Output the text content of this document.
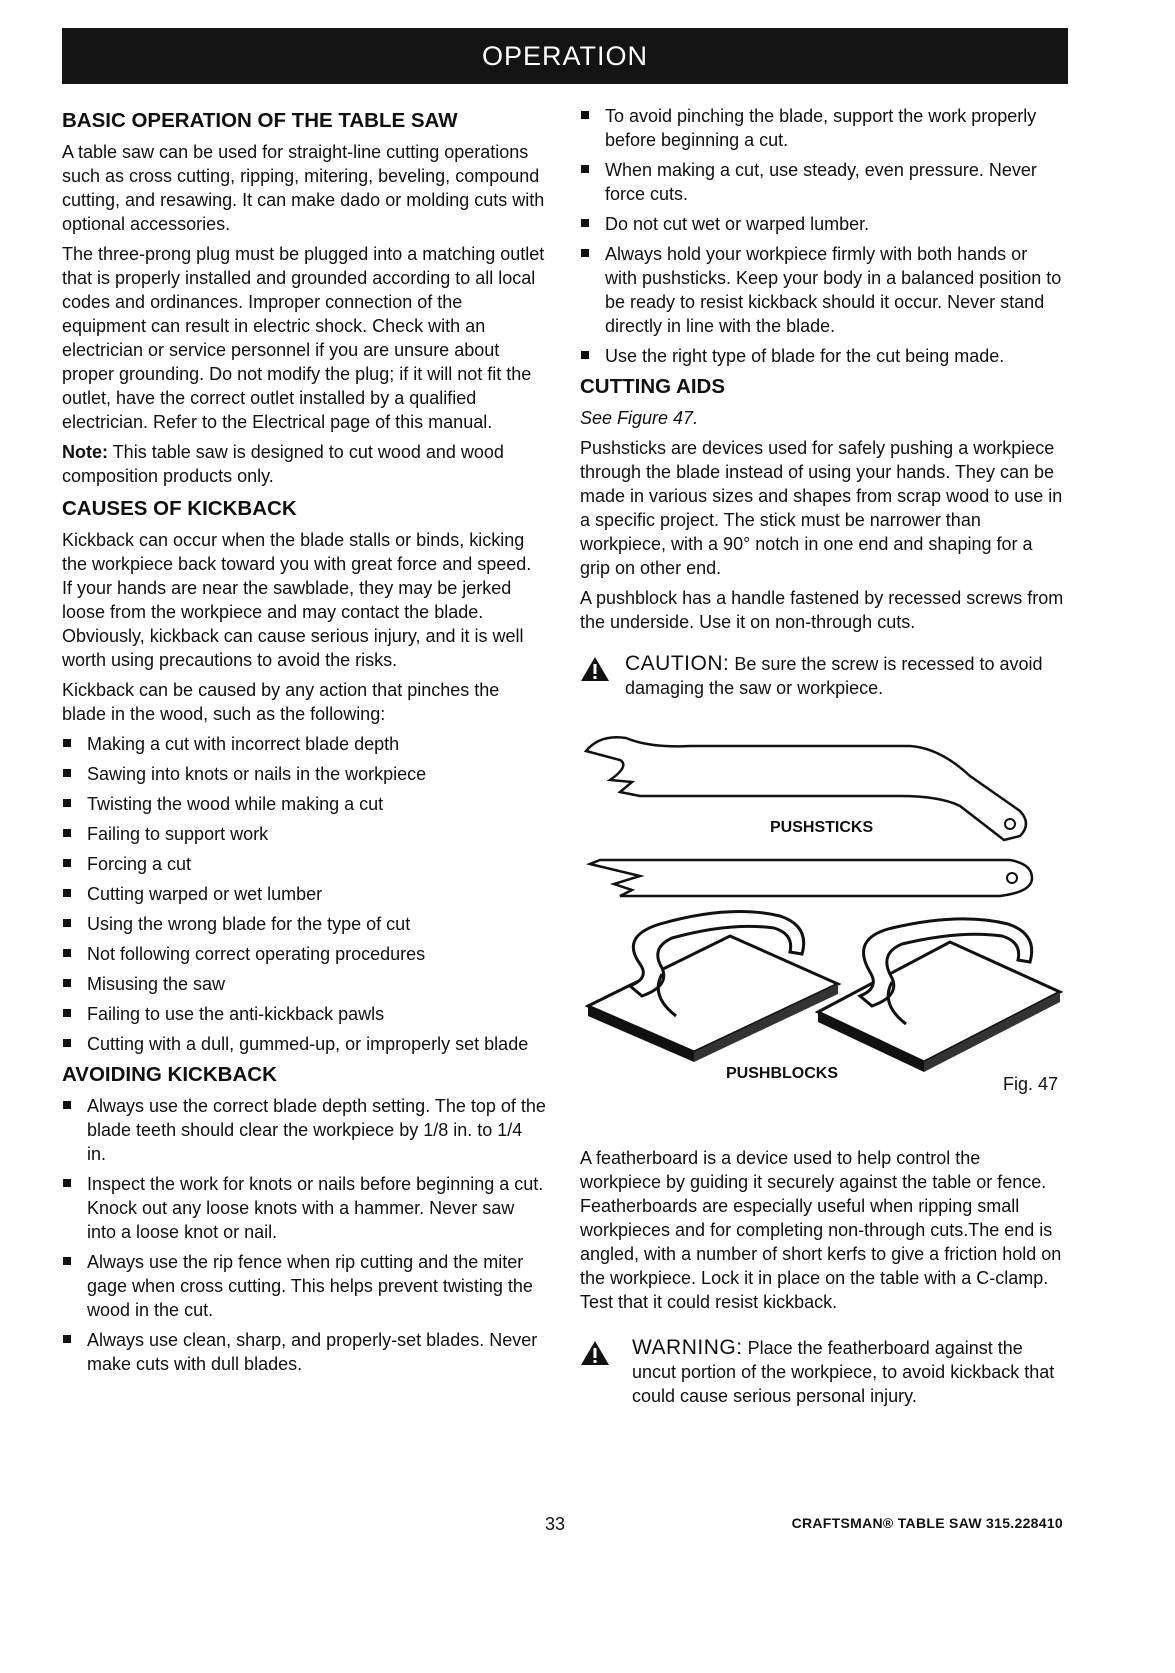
OPERATION
BASIC OPERATION OF THE TABLE SAW

A table saw can be used for straight-line cutting operations such as cross cutting, ripping, mitering, beveling, compound cutting, and resawing. It can make dado or molding cuts with optional accessories.

The three-prong plug must be plugged into a matching outlet that is properly installed and grounded according to all local codes and ordinances. Improper connection of the equipment can result in electric shock. Check with an electrician or service personnel if you are unsure about proper grounding. Do not modify the plug; if it will not fit the outlet, have the correct outlet installed by a qualified electrician. Refer to the Electrical page of this manual.

Note: This table saw is designed to cut wood and wood composition products only.
CAUSES OF KICKBACK

Kickback can occur when the blade stalls or binds, kicking the workpiece back toward you with great force and speed. If your hands are near the sawblade, they may be jerked loose from the workpiece and may contact the blade. Obviously, kickback can cause serious injury, and it is well worth using precautions to avoid the risks.

Kickback can be caused by any action that pinches the blade in the wood, such as the following:

Making a cut with incorrect blade depth
Sawing into knots or nails in the workpiece
Twisting the wood while making a cut
Failing to support work
Forcing a cut
Cutting warped or wet lumber
Using the wrong blade for the type of cut
Not following correct operating procedures
Misusing the saw
Failing to use the anti-kickback pawls
Cutting with a dull, gummed-up, or improperly set blade
AVOIDING KICKBACK
Always use the correct blade depth setting. The top of the blade teeth should clear the workpiece by 1/8 in. to 1/4 in.
Inspect the work for knots or nails before beginning a cut. Knock out any loose knots with a hammer. Never saw into a loose knot or nail.
Always use the rip fence when rip cutting and the miter gage when cross cutting. This helps prevent twisting the wood in the cut.
Always use clean, sharp, and properly-set blades. Never make cuts with dull blades.
To avoid pinching the blade, support the work properly before beginning a cut.
When making a cut, use steady, even pressure. Never force cuts.
Do not cut wet or warped lumber.
Always hold your workpiece firmly with both hands or with pushsticks. Keep your body in a balanced position to be ready to resist kickback should it occur. Never stand directly in line with the blade.
Use the right type of blade for the cut being made.
CUTTING AIDS

See Figure 47.

Pushsticks are devices used for safely pushing a workpiece through the blade instead of using your hands. They can be made in various sizes and shapes from scrap wood to use in a specific project. The stick must be narrower than workpiece, with a 90° notch in one end and shaping for a grip on other end.

A pushblock has a handle fastened by recessed screws from the underside. Use it on non-through cuts.

CAUTION: Be sure the screw is recessed to avoid damaging the saw or workpiece.
PUSHSTICKS
PUSHBLOCKS
Fig. 47

A featherboard is a device used to help control the workpiece by guiding it securely against the table or fence. Featherboards are especially useful when ripping small workpieces and for completing non-through cuts.The end is angled, with a number of short kerfs to give a friction hold on the workpiece. Lock it in place on the table with a C-clamp. Test that it could resist kickback.

WARNING: Place the featherboard against the uncut portion of the workpiece, to avoid kickback that could cause serious personal injury.
33	CRAFTSMAN® TABLE SAW 315.228410
